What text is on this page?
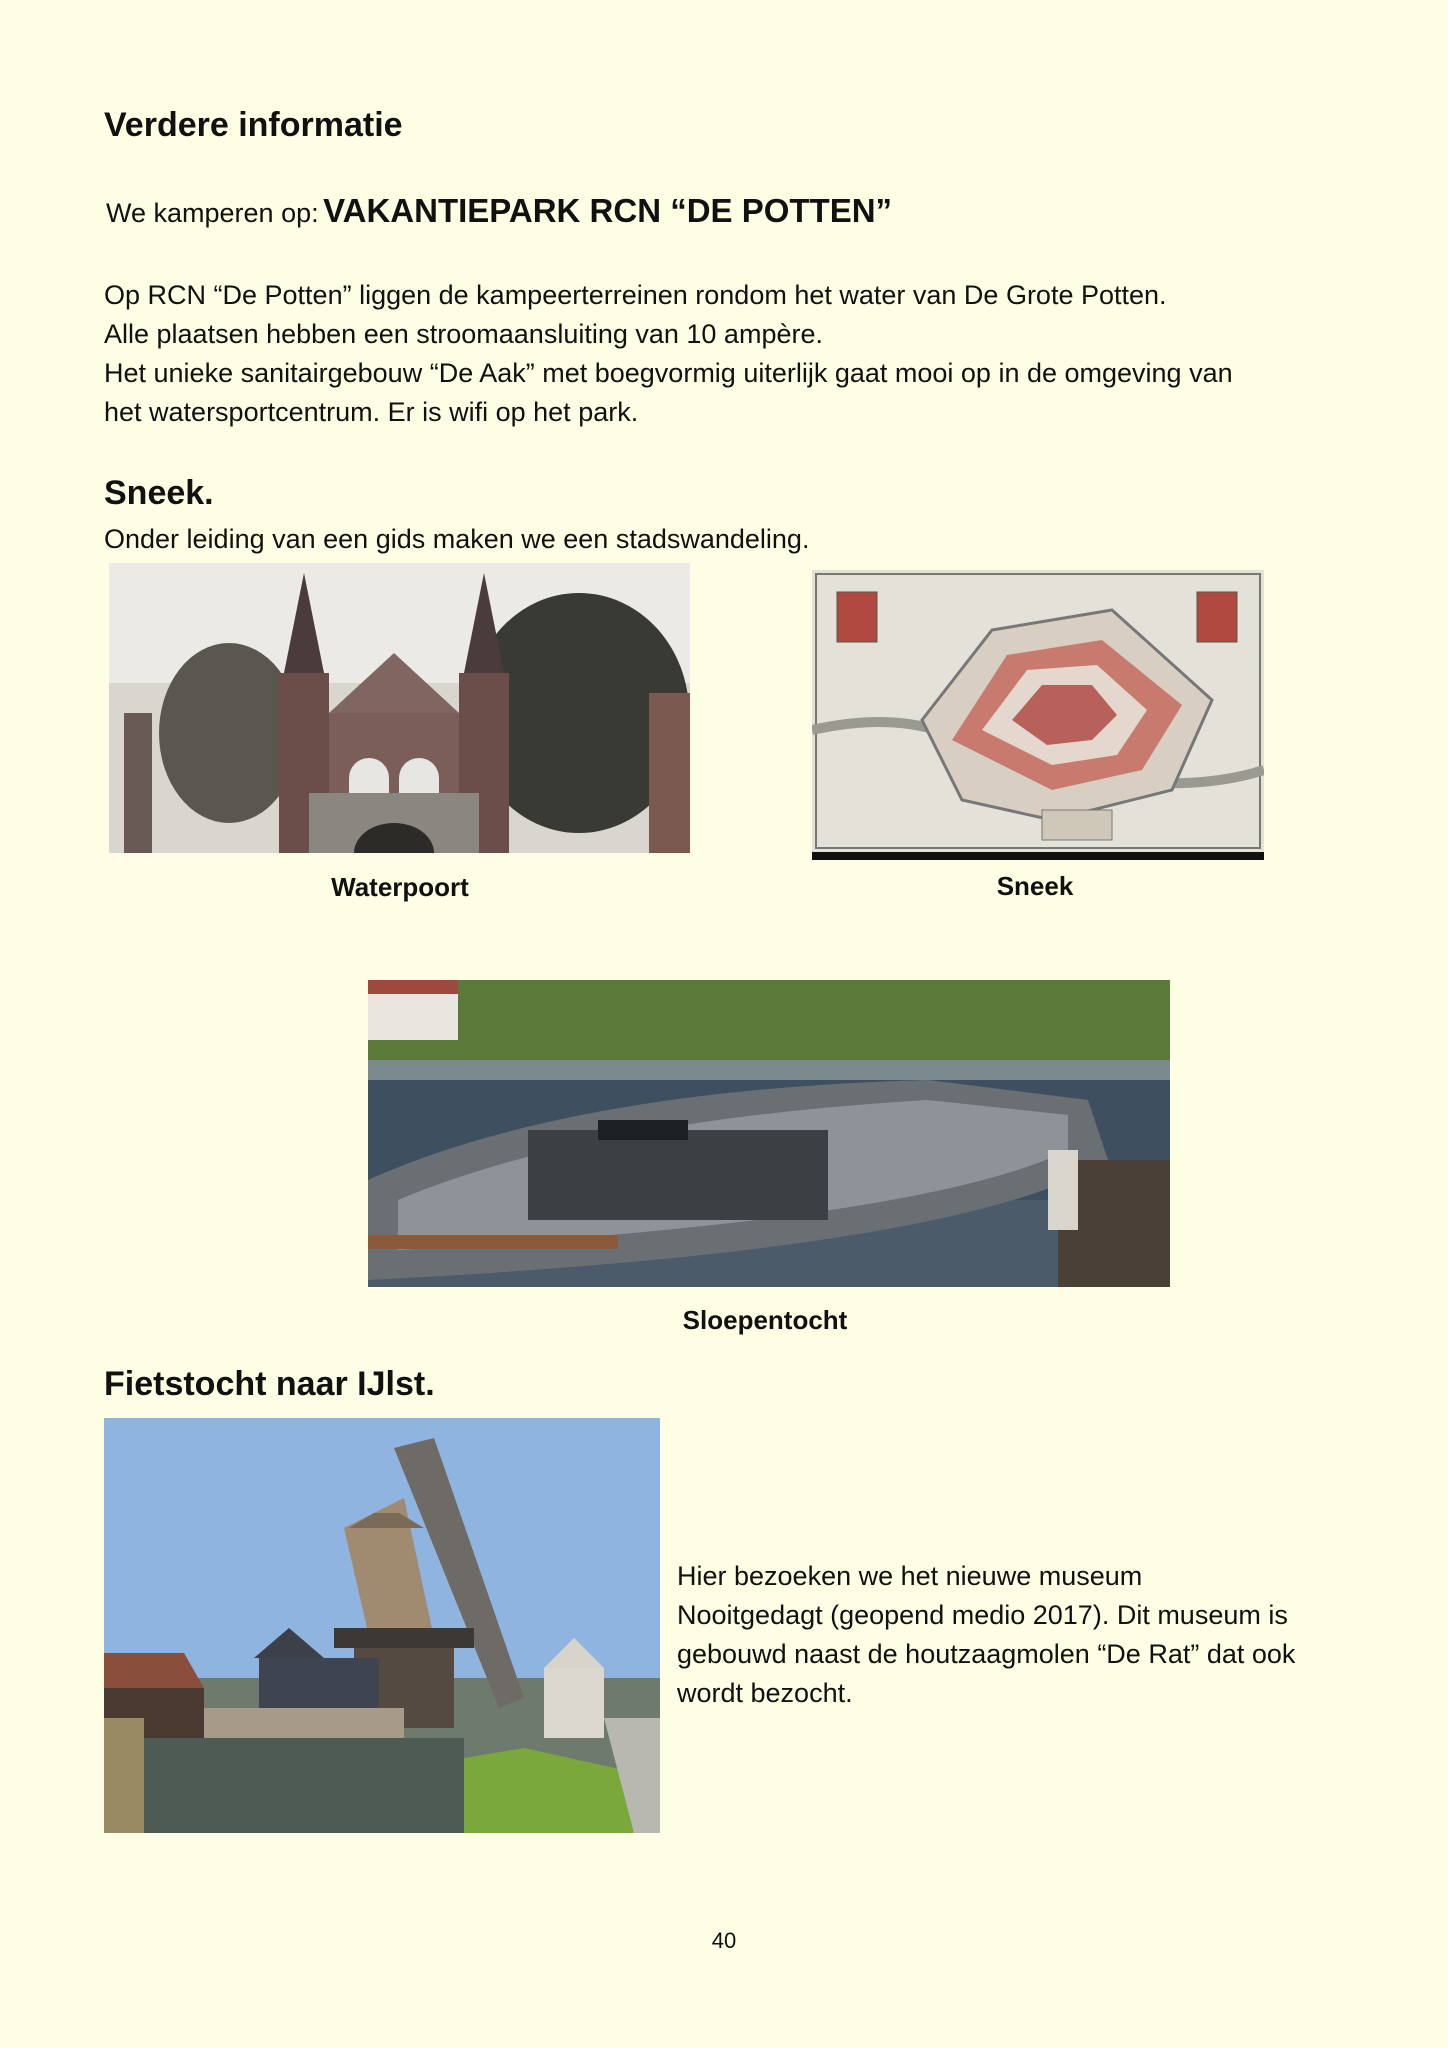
Verdere informatie
We kamperen op: VAKANTIEPARK RCN “DE POTTEN”
Op RCN “De Potten” liggen de kampeerterreinen rondom het water van De Grote Potten.
Alle plaatsen hebben een stroomaansluiting van 10 ampère.
Het unieke sanitairgebouw “De Aak” met boegvormig uiterlijk gaat mooi op in de omgeving van
het watersportcentrum. Er is wifi op het park.
Sneek.
Onder leiding van een gids maken we een stadswandeling.
Waterpoort	Sneek
Sloepentocht
Fietstocht naar IJlst.
Hier bezoeken we het nieuwe museum
Nooitgedagt (geopend medio 2017). Dit museum is
gebouwd naast de houtzaagmolen “De Rat” dat ook
wordt bezocht.
40
